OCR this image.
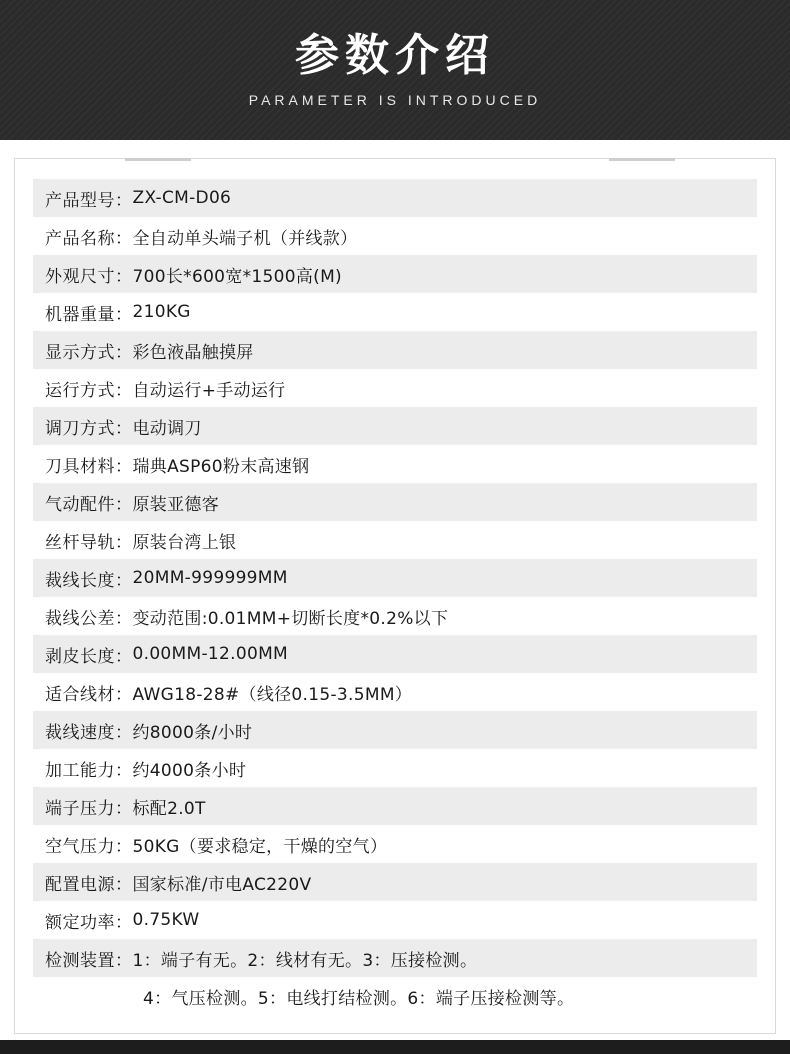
参数介绍
PARAMETER IS INTRODUCED
产品型号： ZX-CM-D06
产品名称： 全自动单头端子机（并线款）
外观尺寸： 700长*600宽*1500高(M)
机器重量： 210KG
显示方式： 彩色液晶触摸屏
运行方式： 自动运行+手动运行
调刀方式： 电动调刀
刀具材料： 瑞典ASP60粉末高速钢
气动配件： 原装亚德客
丝杆导轨： 原装台湾上银
裁线长度： 20MM-999999MM
裁线公差： 变动范围:0.01MM+切断长度*0.2%以下
剥皮长度： 0.00MM-12.00MM
适合线材： AWG18-28#（线径0.15-3.5MM）
裁线速度： 约8000条/小时
加工能力： 约4000条小时
端子压力： 标配2.0T
空气压力： 50KG（要求稳定，干燥的空气）
配置电源： 国家标准/市电AC220V
额定功率： 0.75KW
检测装置： 1：端子有无。2：线材有无。3：压接检测。
4：气压检测。5：电线打结检测。6：端子压接检测等。
